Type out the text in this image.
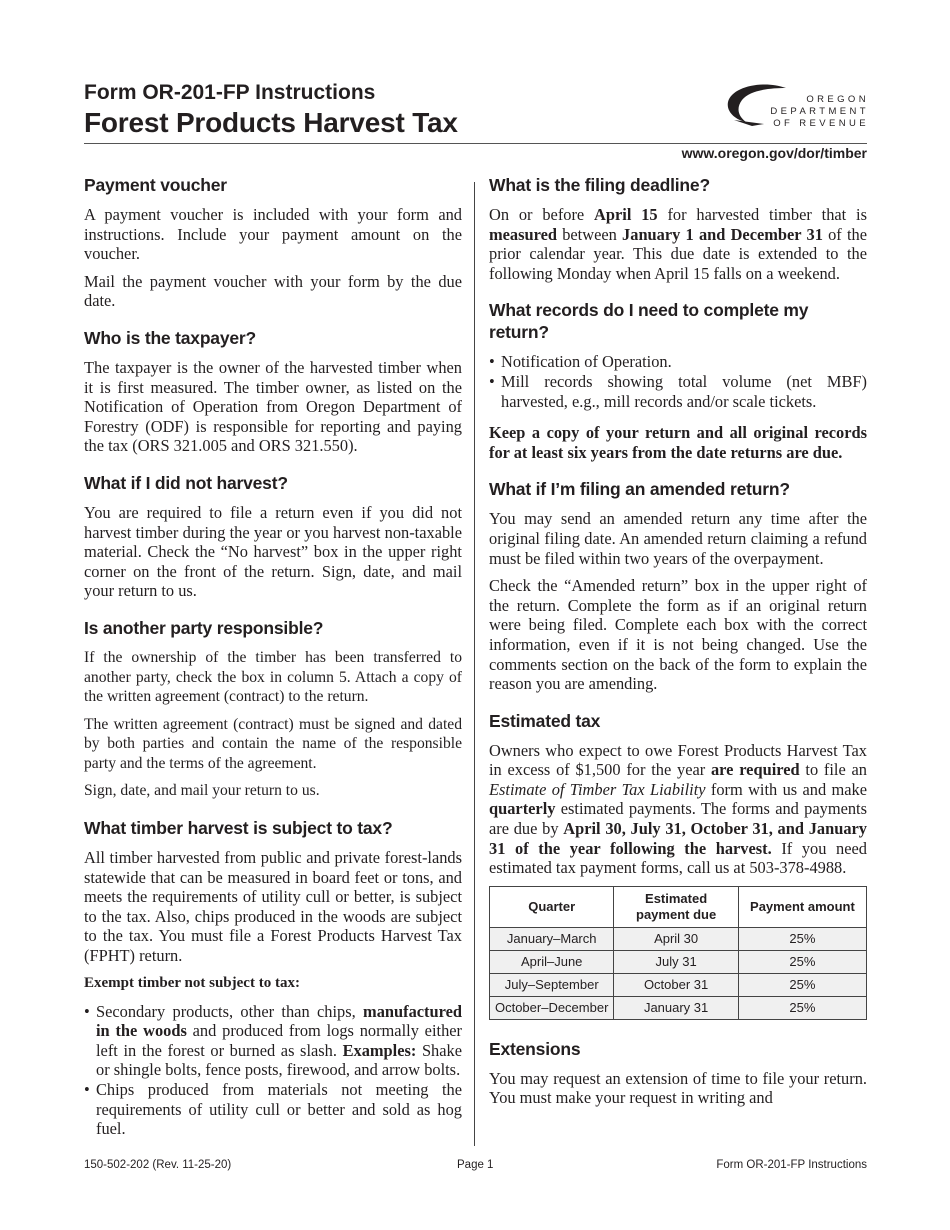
Form OR-201-FP Instructions
Forest Products Harvest Tax
OREGON
DEPARTMENT
OF REVENUE
www.oregon.gov/dor/timber
Payment voucher

A payment voucher is included with your form and instructions. Include your payment amount on the voucher.

Mail the payment voucher with your form by the due date.

Who is the taxpayer?

The taxpayer is the owner of the harvested timber when it is first measured. The timber owner, as listed on the Notification of Operation from Oregon Department of Forestry (ODF) is responsible for reporting and paying the tax (ORS 321.005 and ORS 321.550).

What if I did not harvest?

You are required to file a return even if you did not harvest timber during the year or you harvest non-taxable material. Check the “No harvest” box in the upper right corner on the front of the return. Sign, date, and mail your return to us.

Is another party responsible?

If the ownership of the timber has been transferred to another party, check the box in column 5. Attach a copy of the written agreement (contract) to the return.

The written agreement (contract) must be signed and dated by both parties and contain the name of the responsible party and the terms of the agreement.

Sign, date, and mail your return to us.

What timber harvest is subject to tax?

All timber harvested from public and private forest-lands statewide that can be measured in board feet or tons, and meets the requirements of utility cull or better, is subject to the tax. Also, chips produced in the woods are subject to the tax. You must file a Forest Products Harvest Tax (FPHT) return.

Exempt timber not subject to tax:
• Secondary products, other than chips, manufactured in the woods and produced from logs normally either left in the forest or burned as slash. Examples: Shake or shingle bolts, fence posts, firewood, and arrow bolts.
• Chips produced from materials not meeting the requirements of utility cull or better and sold as hog fuel.
What is the filing deadline?

On or before April 15 for harvested timber that is measured between January 1 and December 31 of the prior calendar year. This due date is extended to the following Monday when April 15 falls on a weekend.

What records do I need to complete my return?
• Notification of Operation.
• Mill records showing total volume (net MBF) harvested, e.g., mill records and/or scale tickets.

Keep a copy of your return and all original records for at least six years from the date returns are due.

What if I’m filing an amended return?

You may send an amended return any time after the original filing date. An amended return claiming a refund must be filed within two years of the overpayment.

Check the “Amended return” box in the upper right of the return. Complete the form as if an original return were being filed. Complete each box with the correct information, even if it is not being changed. Use the comments section on the back of the form to explain the reason you are amending.

Estimated tax

Owners who expect to owe Forest Products Harvest Tax in excess of $1,500 for the year are required to file an Estimate of Timber Tax Liability form with us and make quarterly estimated payments. The forms and payments are due by April 30, July 31, October 31, and January 31 of the year following the harvest. If you need estimated tax payment forms, call us at 503-378-4988.

Quarter	Estimated payment due	Payment amount
January–March	April 30	25%
April–June	July 31	25%
July–September	October 31	25%
October–December	January 31	25%
Extensions

You may request an extension of time to file your return. You must make your request in writing and

150-502-202 (Rev. 11-25-20)	Page 1	Form OR-201-FP Instructions
